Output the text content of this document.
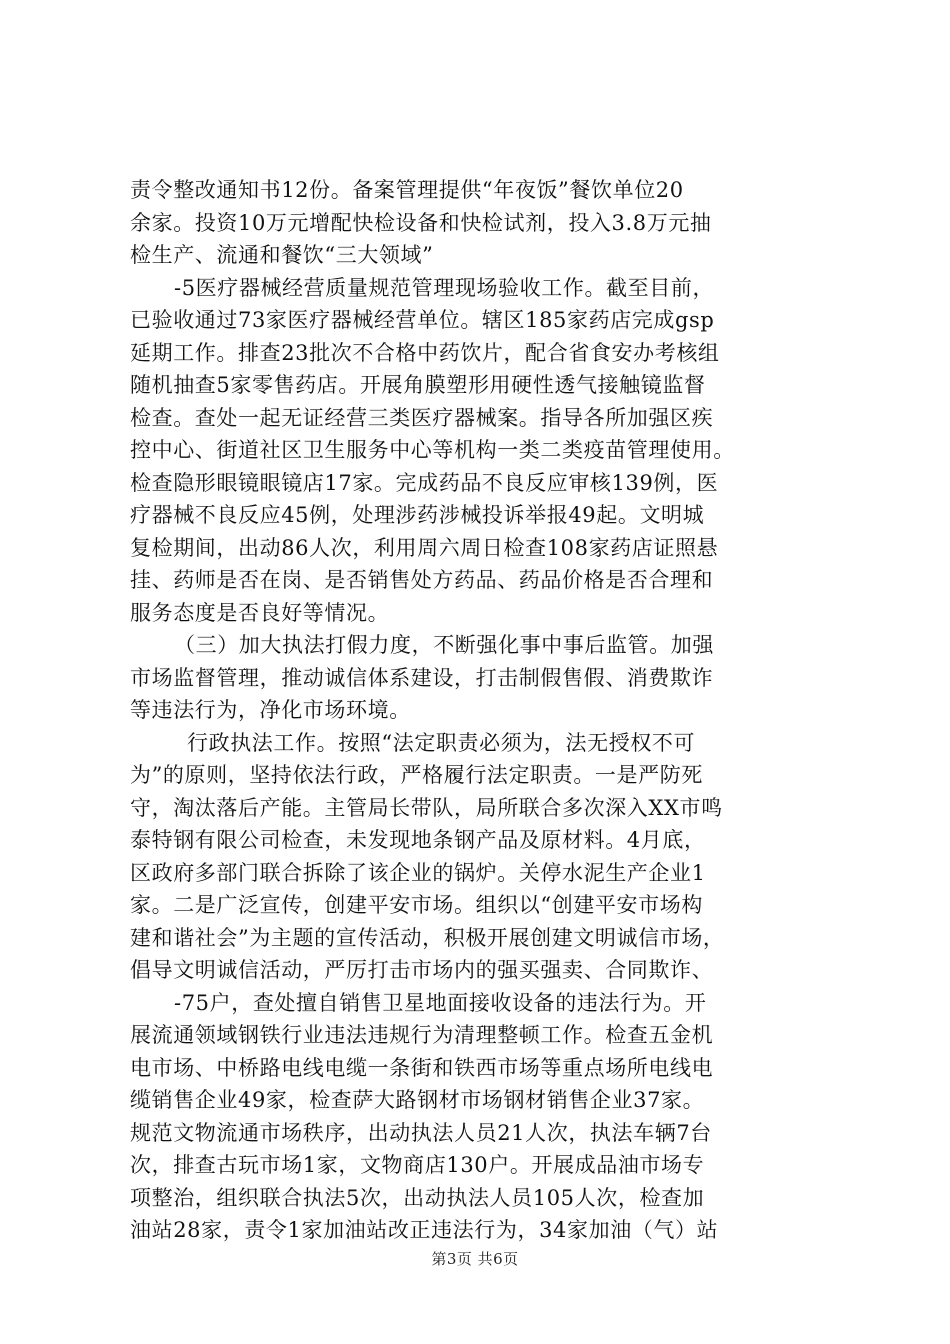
责令整改通知书12份。备案管理提供“年夜饭”餐饮单位20
余家。投资10万元增配快检设备和快检试剂，投入3.8万元抽
检生产、流通和餐饮“三大领域”
-5医疗器械经营质量规范管理现场验收工作。截至目前，
已验收通过73家医疗器械经营单位。辖区185家药店完成gsp
延期工作。排查23批次不合格中药饮片，配合省食安办考核组
随机抽查5家零售药店。开展角膜塑形用硬性透气接触镜监督
检查。查处一起无证经营三类医疗器械案。指导各所加强区疾
控中心、街道社区卫生服务中心等机构一类二类疫苗管理使用。
检查隐形眼镜眼镜店17家。完成药品不良反应审核139例，医
疗器械不良反应45例，处理涉药涉械投诉举报49起。文明城
复检期间，出动86人次，利用周六周日检查108家药店证照悬
挂、药师是否在岗、是否销售处方药品、药品价格是否合理和
服务态度是否良好等情况。
（三）加大执法打假力度，不断强化事中事后监管。加强
市场监督管理，推动诚信体系建设，打击制假售假、消费欺诈
等违法行为，净化市场环境。
行政执法工作。按照“法定职责必须为，法无授权不可
为”的原则，坚持依法行政，严格履行法定职责。一是严防死
守，淘汰落后产能。主管局长带队，局所联合多次深入XX市鸣
泰特钢有限公司检查，未发现地条钢产品及原材料。4月底，
区政府多部门联合拆除了该企业的锅炉。关停水泥生产企业1
家。二是广泛宣传，创建平安市场。组织以“创建平安市场构
建和谐社会”为主题的宣传活动，积极开展创建文明诚信市场，
倡导文明诚信活动，严厉打击市场内的强买强卖、合同欺诈、
-75户，查处擅自销售卫星地面接收设备的违法行为。开
展流通领域钢铁行业违法违规行为清理整顿工作。检查五金机
电市场、中桥路电线电缆一条街和铁西市场等重点场所电线电
缆销售企业49家，检查萨大路钢材市场钢材销售企业37家。
规范文物流通市场秩序，出动执法人员21人次，执法车辆7台
次，排查古玩市场1家，文物商店130户。开展成品油市场专
项整治，组织联合执法5次，出动执法人员105人次，检查加
油站28家，责令1家加油站改正违法行为，34家加油（气）站
第3页 共6页
